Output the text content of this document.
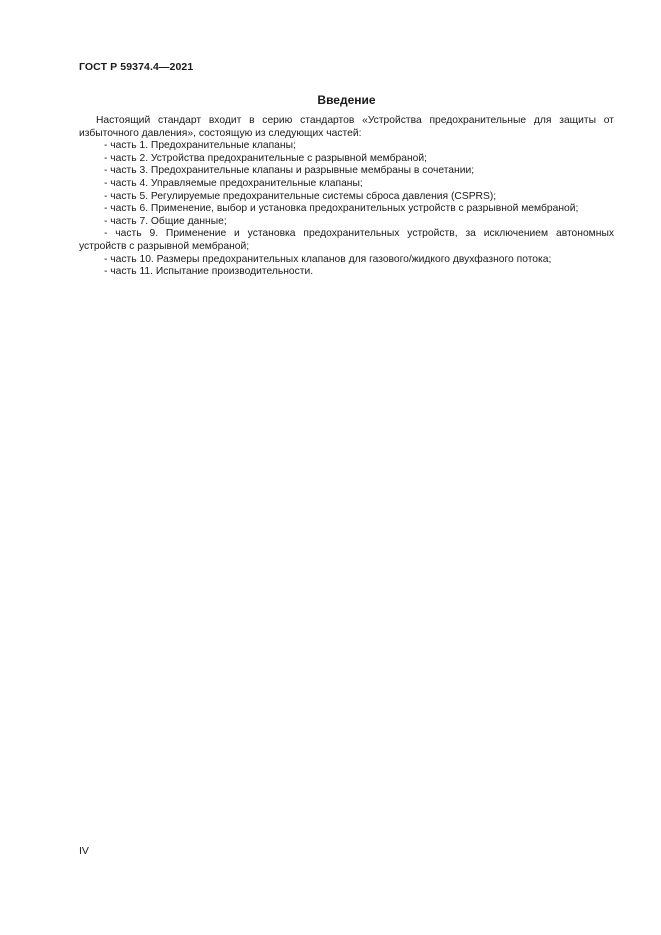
ГОСТ Р 59374.4—2021
Введение

Настоящий стандарт входит в серию стандартов «Устройства предохранительные для защиты от избыточного давления», состоящую из следующих частей:

- часть 1. Предохранительные клапаны;
- часть 2. Устройства предохранительные с разрывной мембраной;
- часть 3. Предохранительные клапаны и разрывные мембраны в сочетании;
- часть 4. Управляемые предохранительные клапаны;
- часть 5. Регулируемые предохранительные системы сброса давления (CSPRS);
- часть 6. Применение, выбор и установка предохранительных устройств с разрывной мембраной;
- часть 7. Общие данные;
- часть 9. Применение и установка предохранительных устройств, за исключением автономных устройств с разрывной мембраной;
- часть 10. Размеры предохранительных клапанов для газового/жидкого двухфазного потока;
- часть 11. Испытание производительности.
IV
